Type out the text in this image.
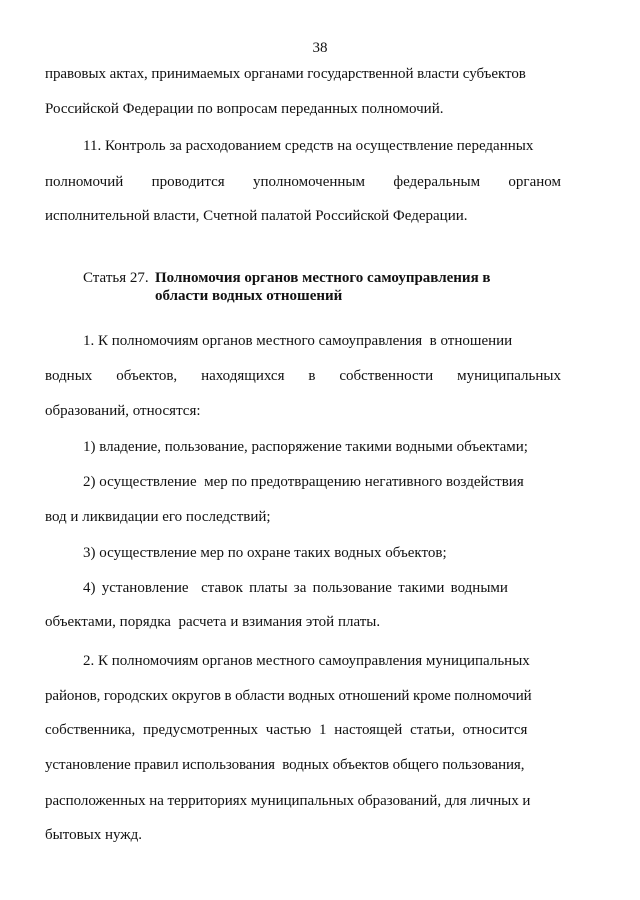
38
правовых актах, принимаемых органами государственной власти субъектов
Российской Федерации по вопросам переданных полномочий.
11. Контроль за расходованием средств на осуществление переданных
полномочий проводится уполномоченным федеральным органом
исполнительной власти, Счетной палатой Российской Федерации.
Статья 27. Полномочия органов местного самоуправления в
области водных отношений
1. К полномочиям органов местного самоуправления  в отношении
водных объектов, находящихся в собственности муниципальных
образований, относятся:
1) владение, пользование, распоряжение такими водными объектами;
2) осуществление  мер по предотвращению негативного воздействия
вод и ликвидации его последствий;
3) осуществление мер по охране таких водных объектов;
4) установление  ставок платы за пользование такими водными
объектами, порядка  расчета и взимания этой платы.
2. К полномочиям органов местного самоуправления муниципальных
районов, городских округов в области водных отношений кроме полномочий
собственника, предусмотренных частью 1 настоящей статьи, относится
установление правил использования  водных объектов общего пользования,
расположенных на территориях муниципальных образований, для личных и
бытовых нужд.
